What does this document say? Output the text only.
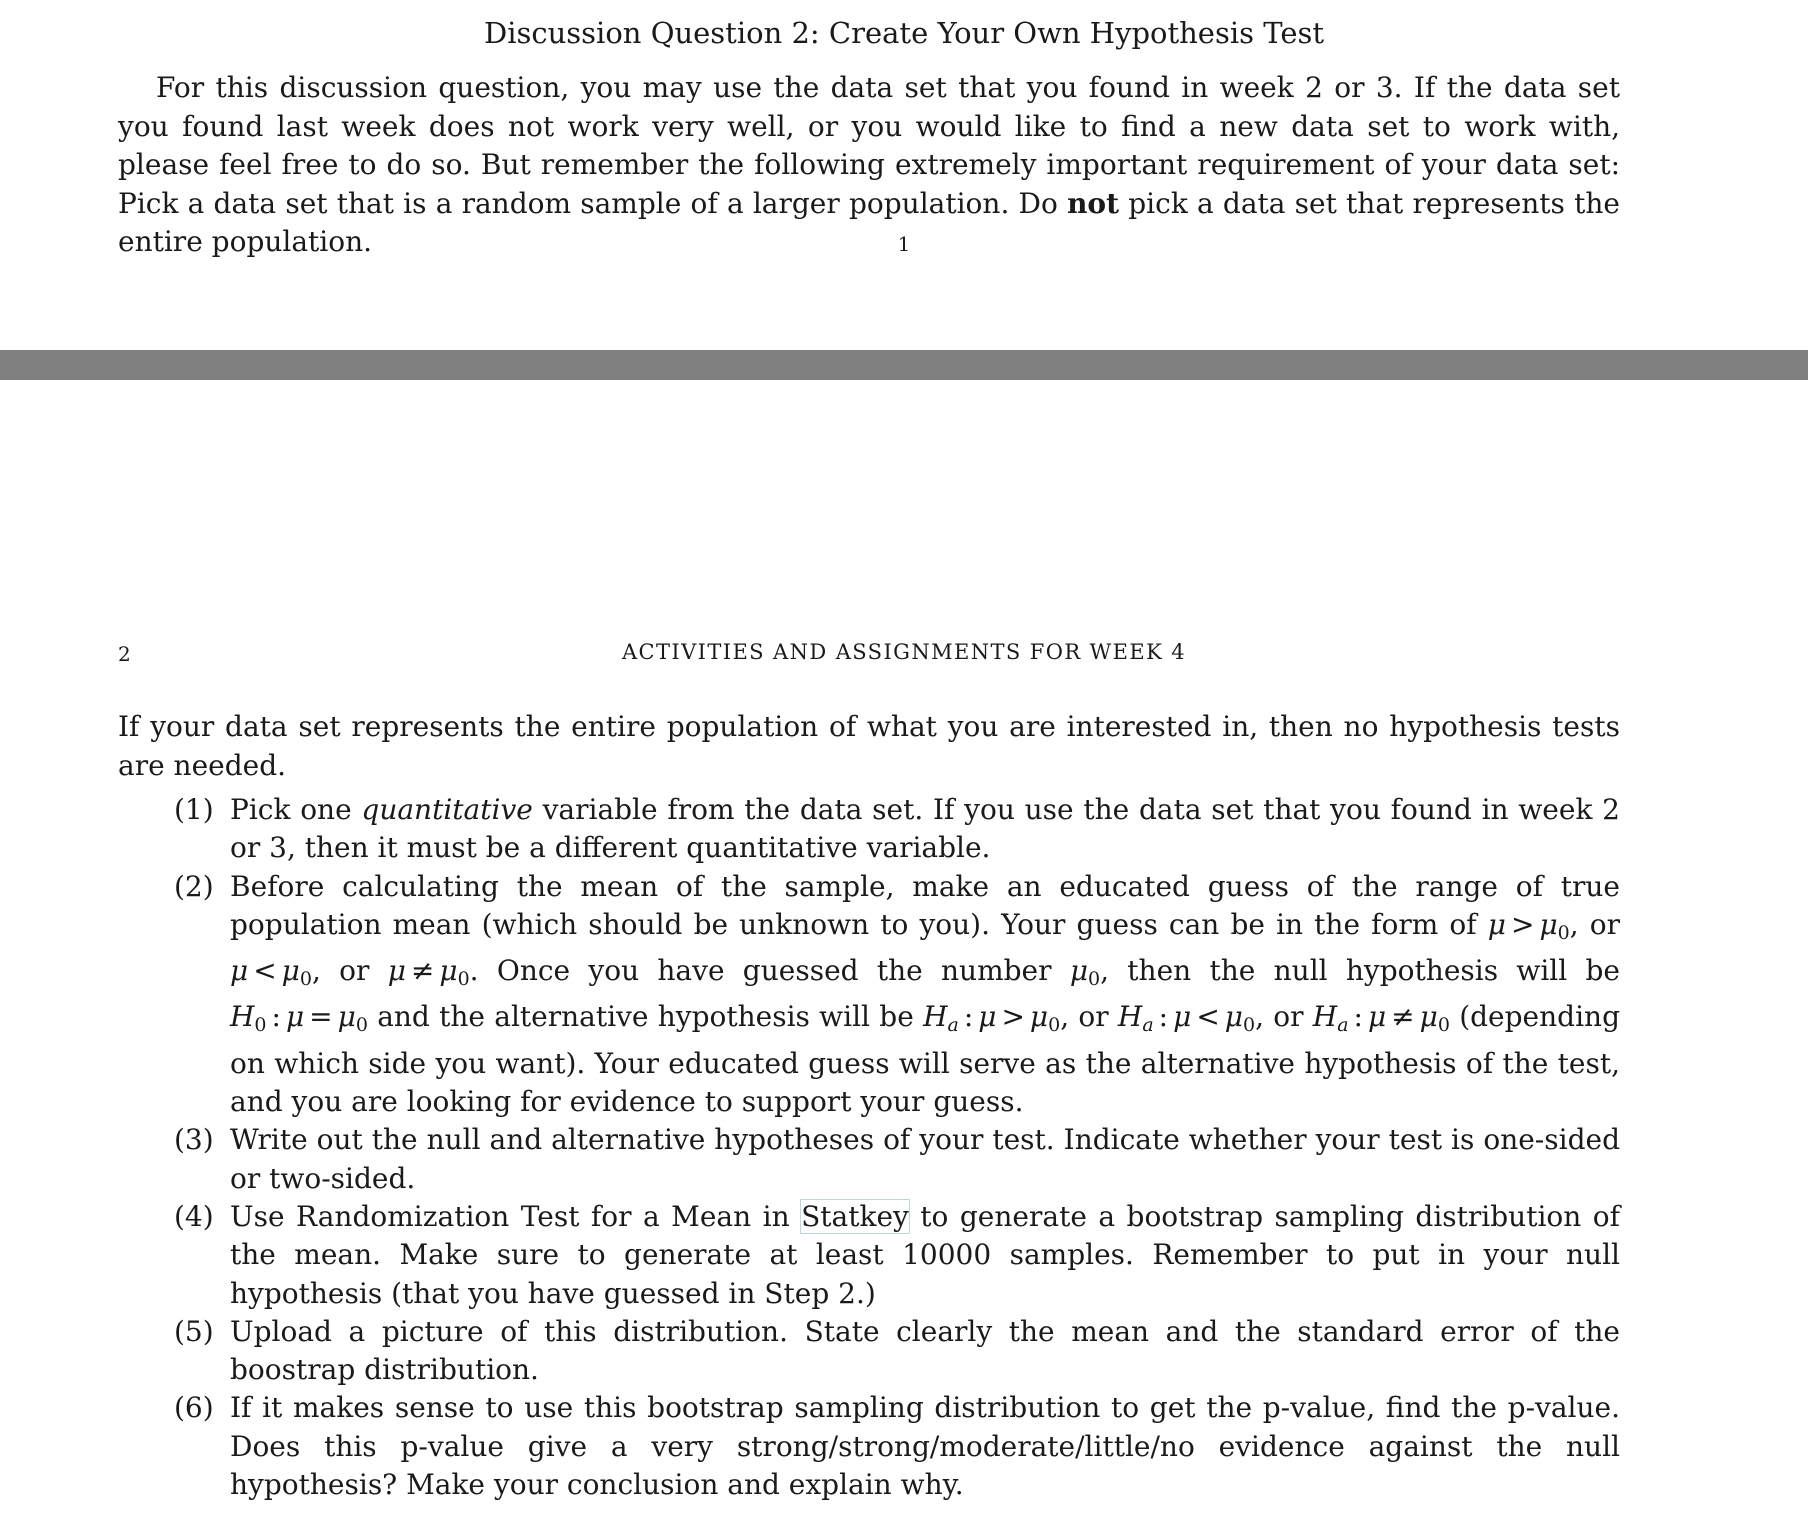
Discussion Question 2: Create Your Own Hypothesis Test

For this discussion question, you may use the data set that you found in week 2 or 3. If the data set you found last week does not work very well, or you would like to find a new data set to work with, please feel free to do so. But remember the following extremely important requirement of your data set: Pick a data set that is a random sample of a larger population. Do not pick a data set that represents the entire population.	1
2	ACTIVITIES AND ASSIGNMENTS FOR WEEK 4

If your data set represents the entire population of what you are interested in, then no hypothesis tests are needed.

(1) Pick one quantitative variable from the data set. If you use the data set that you found in week 2 or 3, then it must be a different quantitative variable.
(2) Before calculating the mean of the sample, make an educated guess of the range of true population mean (which should be unknown to you). Your guess can be in the form of $\mu > \mu_0$, or $\mu < \mu_0$, or $\mu \ne \mu_0$. Once you have guessed the number $\mu_0$, then the null hypothesis will be $H_0$ : $\mu = \mu_0$ and the alternative hypothesis will be Ha : $\mu > \mu_0$, or Ha : $\mu < \mu_0$, or Ha : $\mu \ne \mu_0$ (depending on which side you want). Your educated guess will serve as the alternative hypothesis of the test, and you are looking for evidence to support your guess.
(3) Write out the null and alternative hypotheses of your test. Indicate whether your test is one-sided or two-sided.
(4) Use Randomization Test for a Mean in Statkey to generate a bootstrap sampling distribution of the mean. Make sure to generate at least 10000 samples. Remember to put in your null hypothesis (that you have guessed in Step 2.)
(5) Upload a picture of this distribution. State clearly the mean and the standard error of the boostrap distribution.
(6) If it makes sense to use this bootstrap sampling distribution to get the p-value, find the p-value. Does this p-value give a very strong/strong/moderate/little/no evidence against the null hypothesis? Make your conclusion and explain why.
